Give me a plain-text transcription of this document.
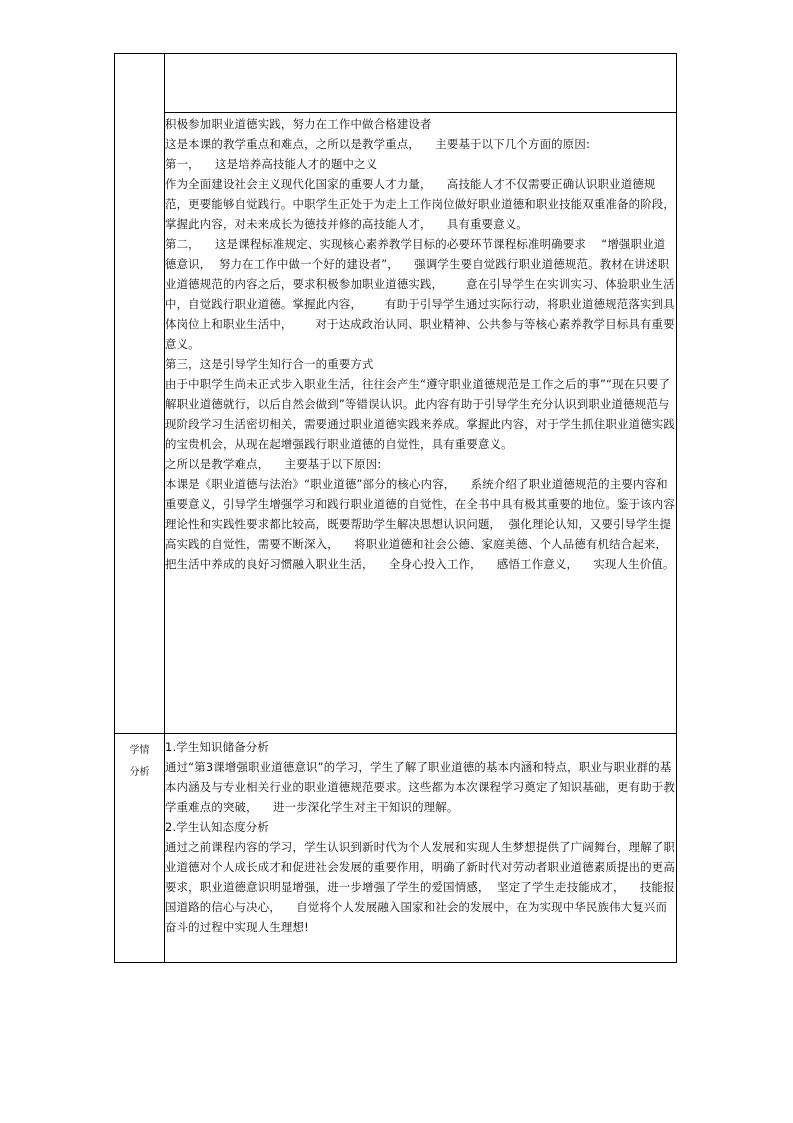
积极参加职业道德实践，努力在工作中做合格建设者

这是本课的教学重点和难点，之所以是教学重点，    主要基于以下几个方面的原因:

第一，    这是培养高技能人才的题中之义

作为全面建设社会主义现代化国家的重要人才力量，    高技能人才不仅需要正确认识职业道德规范，更要能够自觉践行。中职学生正处于为走上工作岗位做好职业道德和职业技能双重准备的阶段，掌握此内容，对未来成长为德技并修的高技能人才，    具有重要意义。

第二，    这是课程标准规定、实现核心素养教学目标的必要环节课程标准明确要求    “增强职业道德意识，  努力在工作中做一个好的建设者”，    强调学生要自觉践行职业道德规范。教材在讲述职业道德规范的内容之后，要求积极参加职业道德实践，      意在引导学生在实训实习、体验职业生活中，自觉践行职业道德。掌握此内容，      有助于引导学生通过实际行动，将职业道德规范落实到具体岗位上和职业生活中，      对于达成政治认同、职业精神、公共参与等核心素养教学目标具有重要意义。

第三，这是引导学生知行合一的重要方式

由于中职学生尚未正式步入职业生活，往往会产生“遵守职业道德规范是工作之后的事”“现在只要了解职业道德就行，以后自然会做到”等错误认识。此内容有助于引导学生充分认识到职业道德规范与现阶段学习生活密切相关，需要通过职业道德实践来养成。掌握此内容，对于学生抓住职业道德实践的宝贵机会，从现在起增强践行职业道德的自觉性，具有重要意义。

之所以是教学难点，    主要基于以下原因:

本课是《职业道德与法治》“职业道德”部分的核心内容，    系统介绍了职业道德规范的主要内容和重要意义，引导学生增强学习和践行职业道德的自觉性，在全书中具有极其重要的地位。鉴于该内容理论性和实践性要求都比较高，既要帮助学生解决思想认识问题，  强化理论认知，又要引导学生提高实践的自觉性，需要不断深入，    将职业道德和社会公德、家庭美德、个人品德有机结合起来，把生活中养成的良好习惯融入职业生活，    全身心投入工作，    感悟工作意义，    实现人生价值。

学情
分析

1.学生知识储备分析

通过“第3课增强职业道德意识”的学习，学生了解了职业道德的基本内涵和特点，职业与职业群的基本内涵及与专业相关行业的职业道德规范要求。这些都为本次课程学习奠定了知识基础，更有助于教学重难点的突破，    进一步深化学生对主干知识的理解。

2.学生认知态度分析

通过之前课程内容的学习，学生认识到新时代为个人发展和实现人生梦想提供了广阔舞台，理解了职业道德对个人成长成才和促进社会发展的重要作用，明确了新时代对劳动者职业道德素质提出的更高要求，职业道德意识明显增强，进一步增强了学生的爱国情感，  坚定了学生走技能成才，    技能报国道路的信心与决心，    自觉将个人发展融入国家和社会的发展中，在为实现中华民族伟大复兴而奋斗的过程中实现人生理想!
